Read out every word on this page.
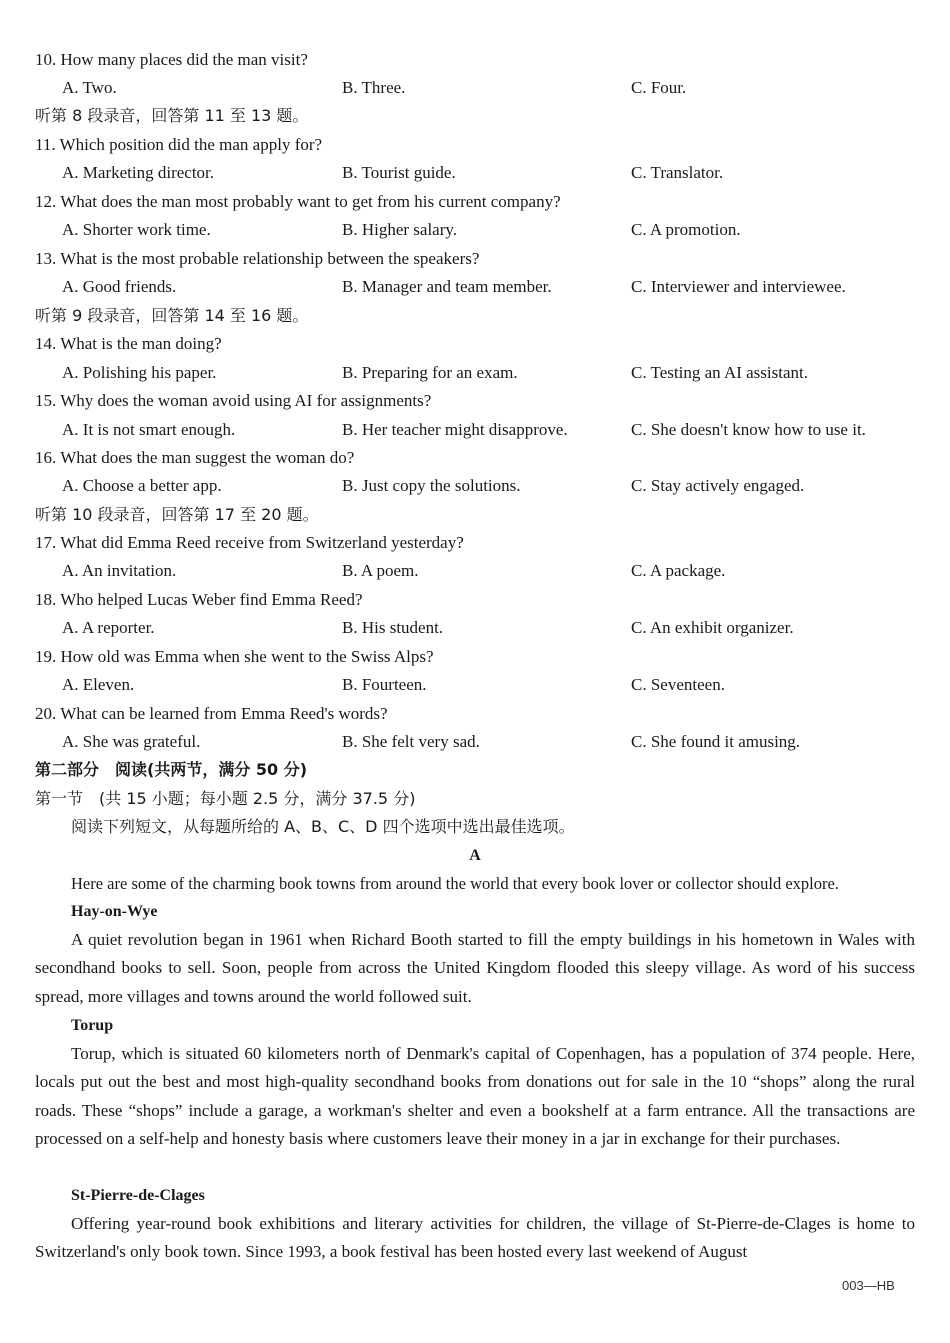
10. How many places did the man visit?
A. Two.	B. Three.	C. Four.
听第 8 段录音，回答第 11 至 13 题。
11. Which position did the man apply for?
A. Marketing director.	B. Tourist guide.	C. Translator.
12. What does the man most probably want to get from his current company?
A. Shorter work time.	B. Higher salary.	C. A promotion.
13. What is the most probable relationship between the speakers?
A. Good friends.	B. Manager and team member.	C. Interviewer and interviewee.
听第 9 段录音，回答第 14 至 16 题。
14. What is the man doing?
A. Polishing his paper.	B. Preparing for an exam.	C. Testing an AI assistant.
15. Why does the woman avoid using AI for assignments?
A. It is not smart enough.	B. Her teacher might disapprove.	C. She doesn't know how to use it.
16. What does the man suggest the woman do?
A. Choose a better app.	B. Just copy the solutions.	C. Stay actively engaged.
听第 10 段录音，回答第 17 至 20 题。
17. What did Emma Reed receive from Switzerland yesterday?
A. An invitation.	B. A poem.	C. A package.
18. Who helped Lucas Weber find Emma Reed?
A. A reporter.	B. His student.	C. An exhibit organizer.
19. How old was Emma when she went to the Swiss Alps?
A. Eleven.	B. Fourteen.	C. Seventeen.
20. What can be learned from Emma Reed's words?
A. She was grateful.	B. She felt very sad.	C. She found it amusing.
第二部分　阅读(共两节，满分 50 分)
第一节　(共 15 小题；每小题 2.5 分，满分 37.5 分)
阅读下列短文，从每题所给的 A、B、C、D 四个选项中选出最佳选项。
A
Here are some of the charming book towns from around the world that every book lover or collector should explore.
Hay-on-Wye
A quiet revolution began in 1961 when Richard Booth started to fill the empty buildings in his hometown in Wales with secondhand books to sell. Soon, people from across the United Kingdom flooded this sleepy village. As word of his success spread, more villages and towns around the world followed suit.
Torup
Torup, which is situated 60 kilometers north of Denmark's capital of Copenhagen, has a population of 374 people. Here, locals put out the best and most high-quality secondhand books from donations out for sale in the 10 “shops” along the rural roads. These “shops” include a garage, a workman's shelter and even a bookshelf at a farm entrance. All the transactions are processed on a self-help and honesty basis where customers leave their money in a jar in exchange for their purchases.
St-Pierre-de-Clages
Offering year-round book exhibitions and literary activities for children, the village of St-Pierre-de-Clages is home to Switzerland's only book town. Since 1993, a book festival has been hosted every last weekend of August
003—HB
